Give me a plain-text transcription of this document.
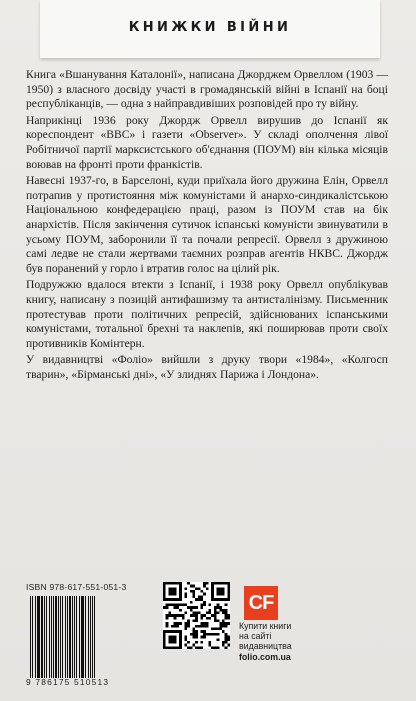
КНИЖКИ ВІЙНИ

Книга «Вшанування Каталонії», написана Джорджем Орвеллом (1903 — 1950) з власного досвіду участі в громадянській війні в Іспанії на боці республіканців, — одна з найправдивіших розповідей про ту війну.

Наприкінці 1936 року Джордж Орвелл вирушив до Іспанії як кореспондент «BBC» і газети «Observer». У складі ополчення лівої Робітничої партії марксистського об'єднання (ПОУМ) він кілька місяців воював на фронті проти франкістів.

Навесні 1937-го, в Барселоні, куди приїхала його дружина Елін, Орвелл потрапив у протистояння між комуністами й анархо-синдикалістською Національною конфедерацією праці, разом із ПОУМ став на бік анархістів. Після закінчення сутичок іспанські комуністи звинуватили в усьому ПОУМ, заборонили її та почали репресії. Орвелл з дружиною самі ледве не стали жертвами таємних розправ агентів НКВС. Джордж був поранений у горло і втратив голос на цілий рік.

Подружжю вдалося втекти з Іспанії, і 1938 року Орвелл опублікував книгу, написану з позицій антифашизму та антисталінізму. Письменник протестував проти політичних репресій, здійснюваних іспанськими комуністами, тотальної брехні та наклепів, які поширював проти своїх противників Комінтерн.

У видавництві «Фоліо» вийшли з друку твори «1984», «Колгосп тварин», «Бірманські дні», «У злиднях Парижа і Лондона».

ISBN 978-617-551-051-3
9 786175 510513
CF
Купити книги
на сайті
видавництва
folio.com.ua
